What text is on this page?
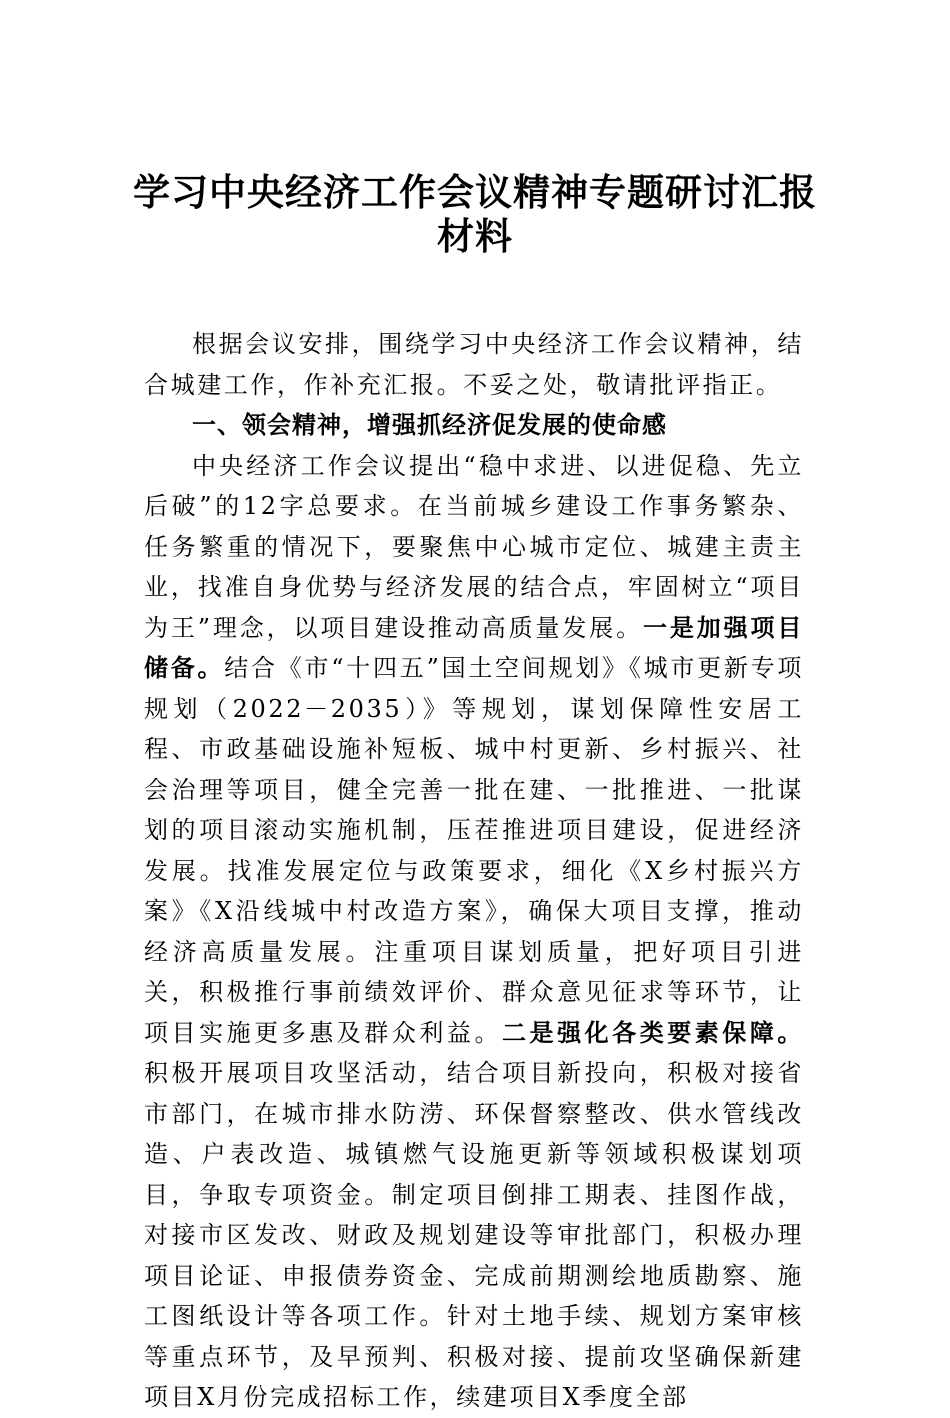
学习中央经济工作会议精神专题研讨汇报
材料

根据会议安排，围绕学习中央经济工作会议精神，结合城建工作，作补充汇报。不妥之处，敬请批评指正。

一、领会精神，增强抓经济促发展的使命感

中央经济工作会议提出“稳中求进、以进促稳、先立后破”的12字总要求。在当前城乡建设工作事务繁杂、任务繁重的情况下，要聚焦中心城市定位、城建主责主业，找准自身优势与经济发展的结合点，牢固树立“项目为王”理念，以项目建设推动高质量发展。一是加强项目储备。结合《市“十四五”国土空间规划》《城市更新专项规划（2022－2035）》等规划，谋划保障性安居工程、市政基础设施补短板、城中村更新、乡村振兴、社会治理等项目，健全完善一批在建、一批推进、一批谋划的项目滚动实施机制，压茬推进项目建设，促进经济发展。找准发展定位与政策要求，细化《X乡村振兴方案》《X沿线城中村改造方案》，确保大项目支撑，推动经济高质量发展。注重项目谋划质量，把好项目引进关，积极推行事前绩效评价、群众意见征求等环节，让项目实施更多惠及群众利益。二是强化各类要素保障。积极开展项目攻坚活动，结合项目新投向，积极对接省市部门，在城市排水防涝、环保督察整改、供水管线改造、户表改造、城镇燃气设施更新等领域积极谋划项目，争取专项资金。制定项目倒排工期表、挂图作战，对接市区发改、财政及规划建设等审批部门，积极办理项目论证、申报债券资金、完成前期测绘地质勘察、施工图纸设计等各项工作。针对土地手续、规划方案审核等重点环节，及早预判、积极对接、提前攻坚确保新建项目X月份完成招标工作，续建项目X季度全部
